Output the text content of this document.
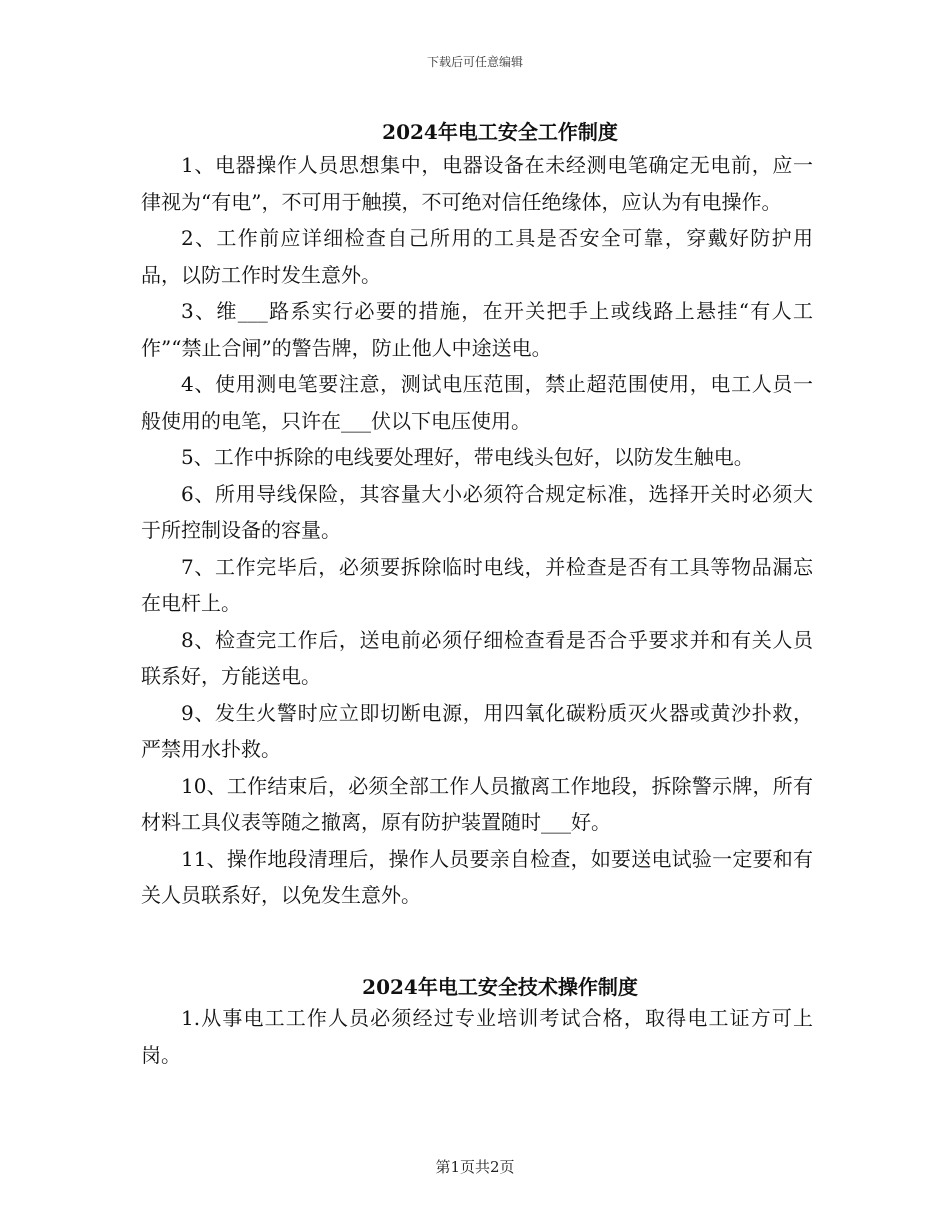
下载后可任意编辑
2024年电工安全工作制度

1、电器操作人员思想集中，电器设备在未经测电笔确定无电前，应一律视为“有电”，不可用于触摸，不可绝对信任绝缘体，应认为有电操作。

2、工作前应详细检查自己所用的工具是否安全可靠，穿戴好防护用品，以防工作时发生意外。

3、维___路系实行必要的措施，在开关把手上或线路上悬挂“有人工作”“禁止合闸”的警告牌，防止他人中途送电。

4、使用测电笔要注意，测试电压范围，禁止超范围使用，电工人员一般使用的电笔，只许在___伏以下电压使用。

5、工作中拆除的电线要处理好，带电线头包好，以防发生触电。

6、所用导线保险，其容量大小必须符合规定标准，选择开关时必须大于所控制设备的容量。

7、工作完毕后，必须要拆除临时电线，并检查是否有工具等物品漏忘在电杆上。

8、检查完工作后，送电前必须仔细检查看是否合乎要求并和有关人员联系好，方能送电。

9、发生火警时应立即切断电源，用四氧化碳粉质灭火器或黄沙扑救，严禁用水扑救。

10、工作结束后，必须全部工作人员撤离工作地段，拆除警示牌，所有材料工具仪表等随之撤离，原有防护装置随时___好。

11、操作地段清理后，操作人员要亲自检查，如要送电试验一定要和有关人员联系好，以免发生意外。

2024年电工安全技术操作制度

1.从事电工工作人员必须经过专业培训考试合格，取得电工证方可上岗。

第1页共2页
